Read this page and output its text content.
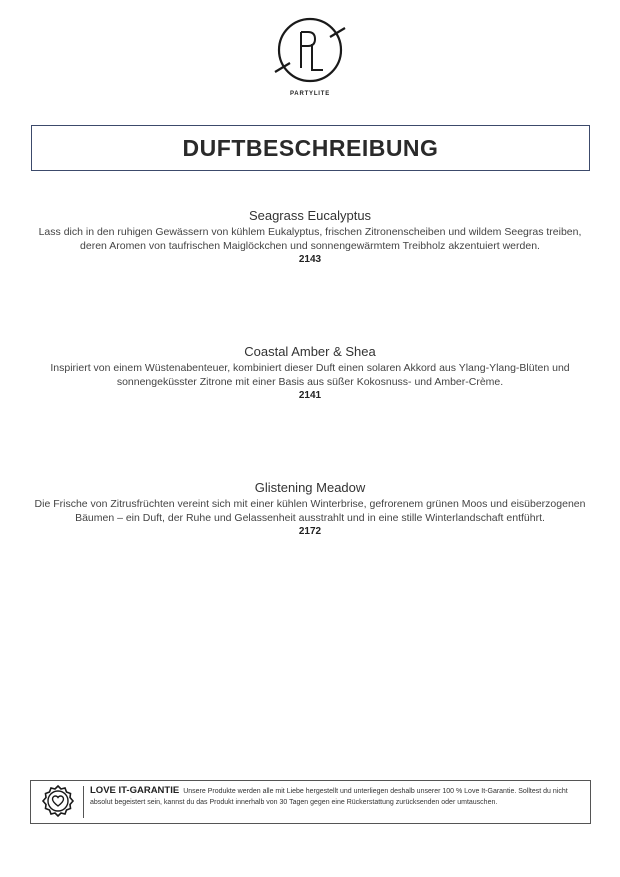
PARTYLITE
DUFTBESCHREIBUNG
Seagrass Eucalyptus
Lass dich in den ruhigen Gewässern von kühlem Eukalyptus, frischen Zitronenscheiben und wildem Seegras treiben, deren Aromen von taufrischen Maiglöckchen und sonnengewärmtem Treibholz akzentuiert werden.
2143
Coastal Amber & Shea
Inspiriert von einem Wüstenabenteuer, kombiniert dieser Duft einen solaren Akkord aus Ylang-Ylang-Blüten und sonnengeküsster Zitrone mit einer Basis aus süßer Kokosnuss- und Amber-Crème.
2141
Glistening Meadow
Die Frische von Zitrusfrüchten vereint sich mit einer kühlen Winterbrise, gefrorenem grünen Moos und eisüberzogenen Bäumen – ein Duft, der Ruhe und Gelassenheit ausstrahlt und in eine stille Winterlandschaft entführt.
2172
LOVE IT-GARANTIE Unsere Produkte werden alle mit Liebe hergestellt und unterliegen deshalb unserer 100 % Love It-Garantie. Solltest du nicht absolut begeistert sein, kannst du das Produkt innerhalb von 30 Tagen gegen eine Rückerstattung zurücksenden oder umtauschen.
